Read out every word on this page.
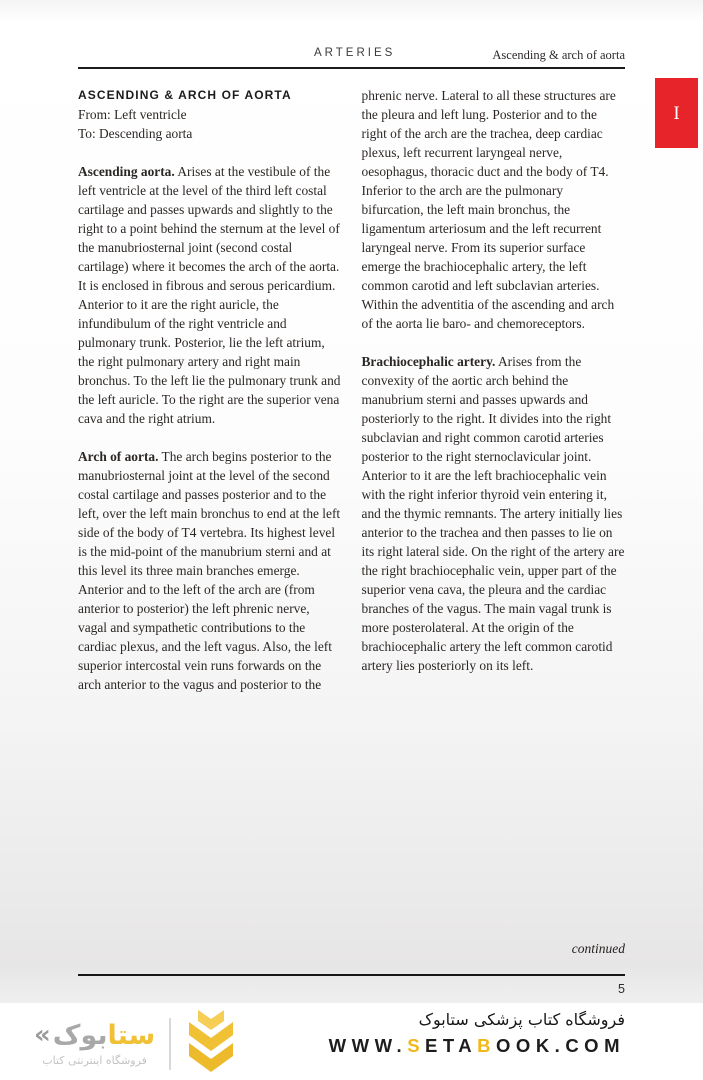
ARTERIES	Ascending & arch of aorta
I
ASCENDING & ARCH OF AORTA
From: Left ventricle
To: Descending aorta

Ascending aorta. Arises at the vestibule of the left ventricle at the level of the third left costal cartilage and passes upwards and slightly to the right to a point behind the sternum at the level of the manubriosternal joint (second costal cartilage) where it becomes the arch of the aorta. It is enclosed in fibrous and serous pericardium. Anterior to it are the right auricle, the infundibulum of the right ventricle and pulmonary trunk. Posterior, lie the left atrium, the right pulmonary artery and right main bronchus. To the left lie the pulmonary trunk and the left auricle. To the right are the superior vena cava and the right atrium.

Arch of aorta. The arch begins posterior to the manubriosternal joint at the level of the second costal cartilage and passes posterior and to the left, over the left main bronchus to end at the left side of the body of T4 vertebra. Its highest level is the mid-point of the manubrium sterni and at this level its three main branches emerge. Anterior and to the left of the arch are (from anterior to posterior) the left phrenic nerve, vagal and sympathetic contributions to the cardiac plexus, and the left vagus. Also, the left superior intercostal vein runs forwards on the arch anterior to the vagus and posterior to the phrenic nerve. Lateral to all these structures are the pleura and left lung. Posterior and to the right of the arch are the trachea, deep cardiac plexus, left recurrent laryngeal nerve, oesophagus, thoracic duct and the body of T4. Inferior to the arch are the pulmonary bifurcation, the left main bronchus, the ligamentum arteriosum and the left recurrent laryngeal nerve. From its superior surface emerge the brachiocephalic artery, the left common carotid and left subclavian arteries. Within the adventitia of the ascending and arch of the aorta lie baro- and chemoreceptors.

Brachiocephalic artery. Arises from the convexity of the aortic arch behind the manubrium sterni and passes upwards and posteriorly to the right. It divides into the right subclavian and right common carotid arteries posterior to the right sternoclavicular joint. Anterior to it are the left brachiocephalic vein with the right inferior thyroid vein entering it, and the thymic remnants. The artery initially lies anterior to the trachea and then passes to lie on its right lateral side. On the right of the artery are the right brachiocephalic vein, upper part of the superior vena cava, the pleura and the cardiac branches of the vagus. The main vagal trunk is more posterolateral. At the origin of the brachiocephalic artery the left common carotid artery lies posteriorly on its left.

continued
5
«	ستابوک
فروشگاه اینترنتی کتاب
فروشگاه کتاب پزشکی ستابوک
WWW.SETABOOK.COM
